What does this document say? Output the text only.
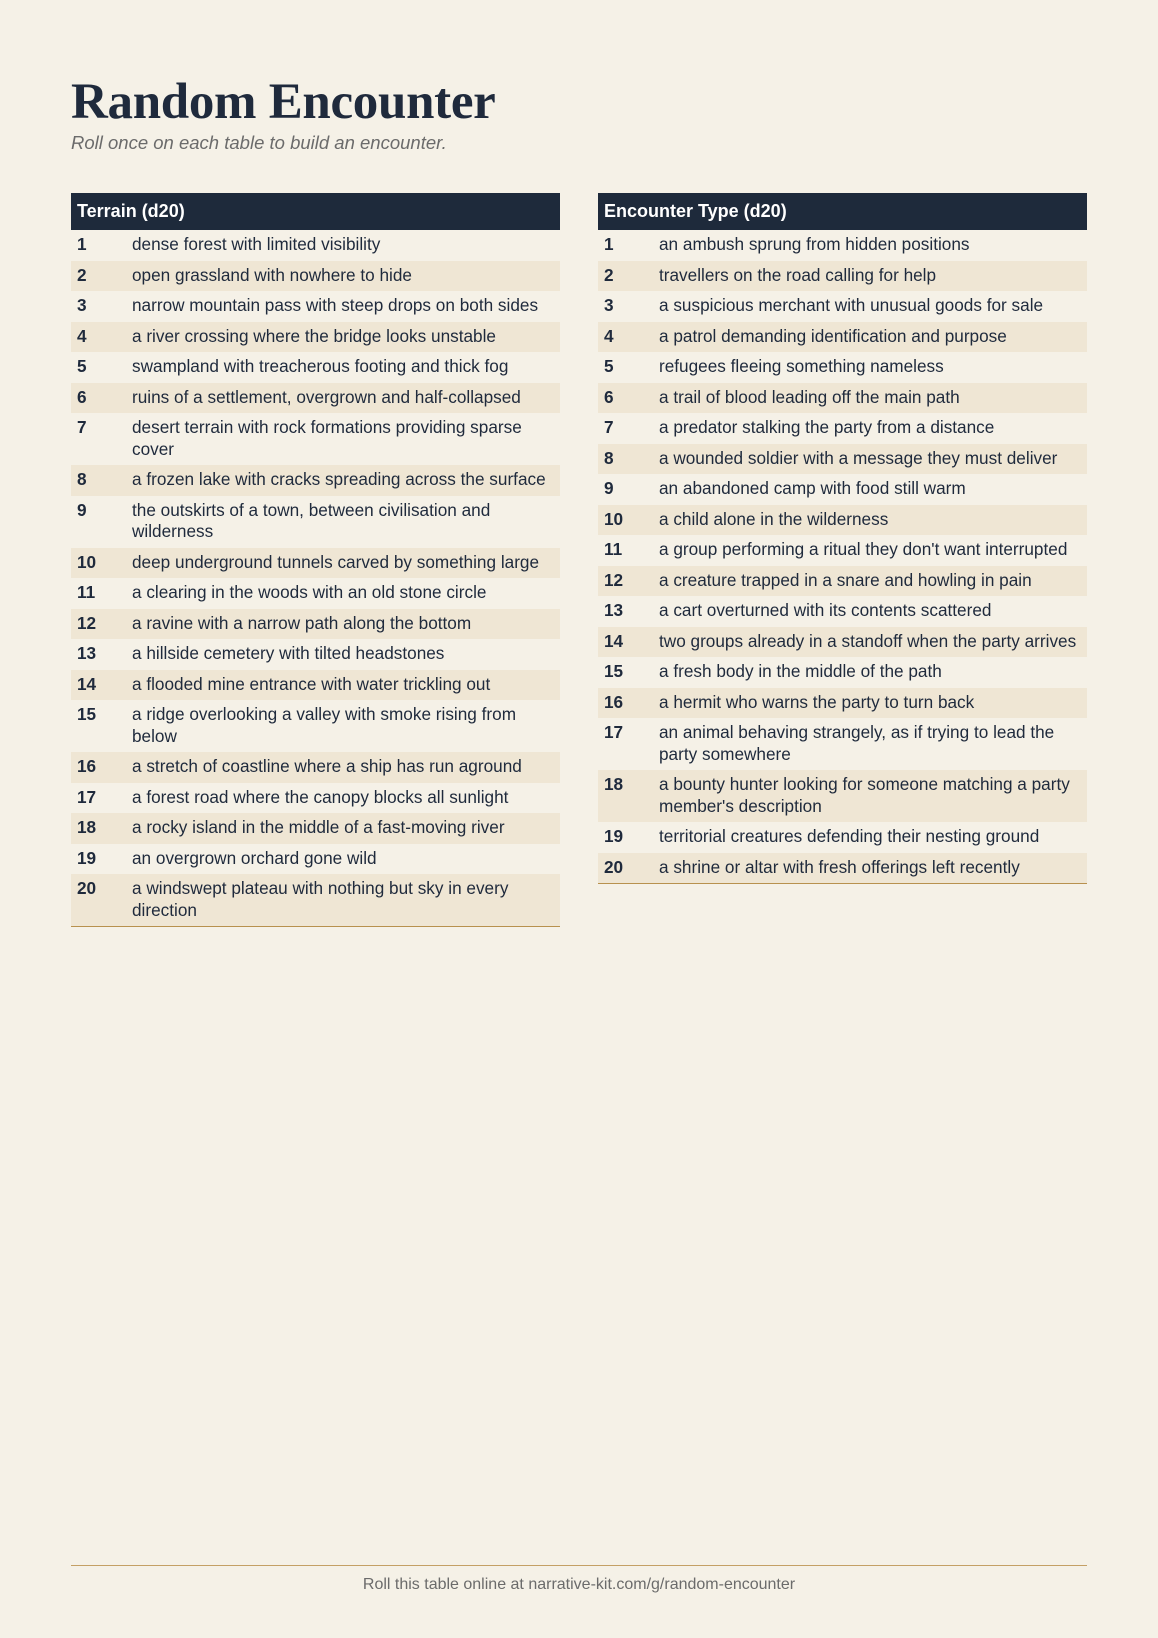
Random Encounter

Roll once on each table to build an encounter.

Terrain (d20)
1	dense forest with limited visibility
2	open grassland with nowhere to hide
3	narrow mountain pass with steep drops on both sides
4	a river crossing where the bridge looks unstable
5	swampland with treacherous footing and thick fog
6	ruins of a settlement, overgrown and half-collapsed
7	desert terrain with rock formations providing sparse cover
8	a frozen lake with cracks spreading across the surface
9	the outskirts of a town, between civilisation and wilderness
10	deep underground tunnels carved by something large
11	a clearing in the woods with an old stone circle
12	a ravine with a narrow path along the bottom
13	a hillside cemetery with tilted headstones
14	a flooded mine entrance with water trickling out
15	a ridge overlooking a valley with smoke rising from below
16	a stretch of coastline where a ship has run aground
17	a forest road where the canopy blocks all sunlight
18	a rocky island in the middle of a fast-moving river
19	an overgrown orchard gone wild
20	a windswept plateau with nothing but sky in every direction
Encounter Type (d20)
1	an ambush sprung from hidden positions
2	travellers on the road calling for help
3	a suspicious merchant with unusual goods for sale
4	a patrol demanding identification and purpose
5	refugees fleeing something nameless
6	a trail of blood leading off the main path
7	a predator stalking the party from a distance
8	a wounded soldier with a message they must deliver
9	an abandoned camp with food still warm
10	a child alone in the wilderness
11	a group performing a ritual they don't want interrupted
12	a creature trapped in a snare and howling in pain
13	a cart overturned with its contents scattered
14	two groups already in a standoff when the party arrives
15	a fresh body in the middle of the path
16	a hermit who warns the party to turn back
17	an animal behaving strangely, as if trying to lead the party somewhere
18	a bounty hunter looking for someone matching a party member's description
19	territorial creatures defending their nesting ground
20	a shrine or altar with fresh offerings left recently

Roll this table online at narrative-kit.com/g/random-encounter
